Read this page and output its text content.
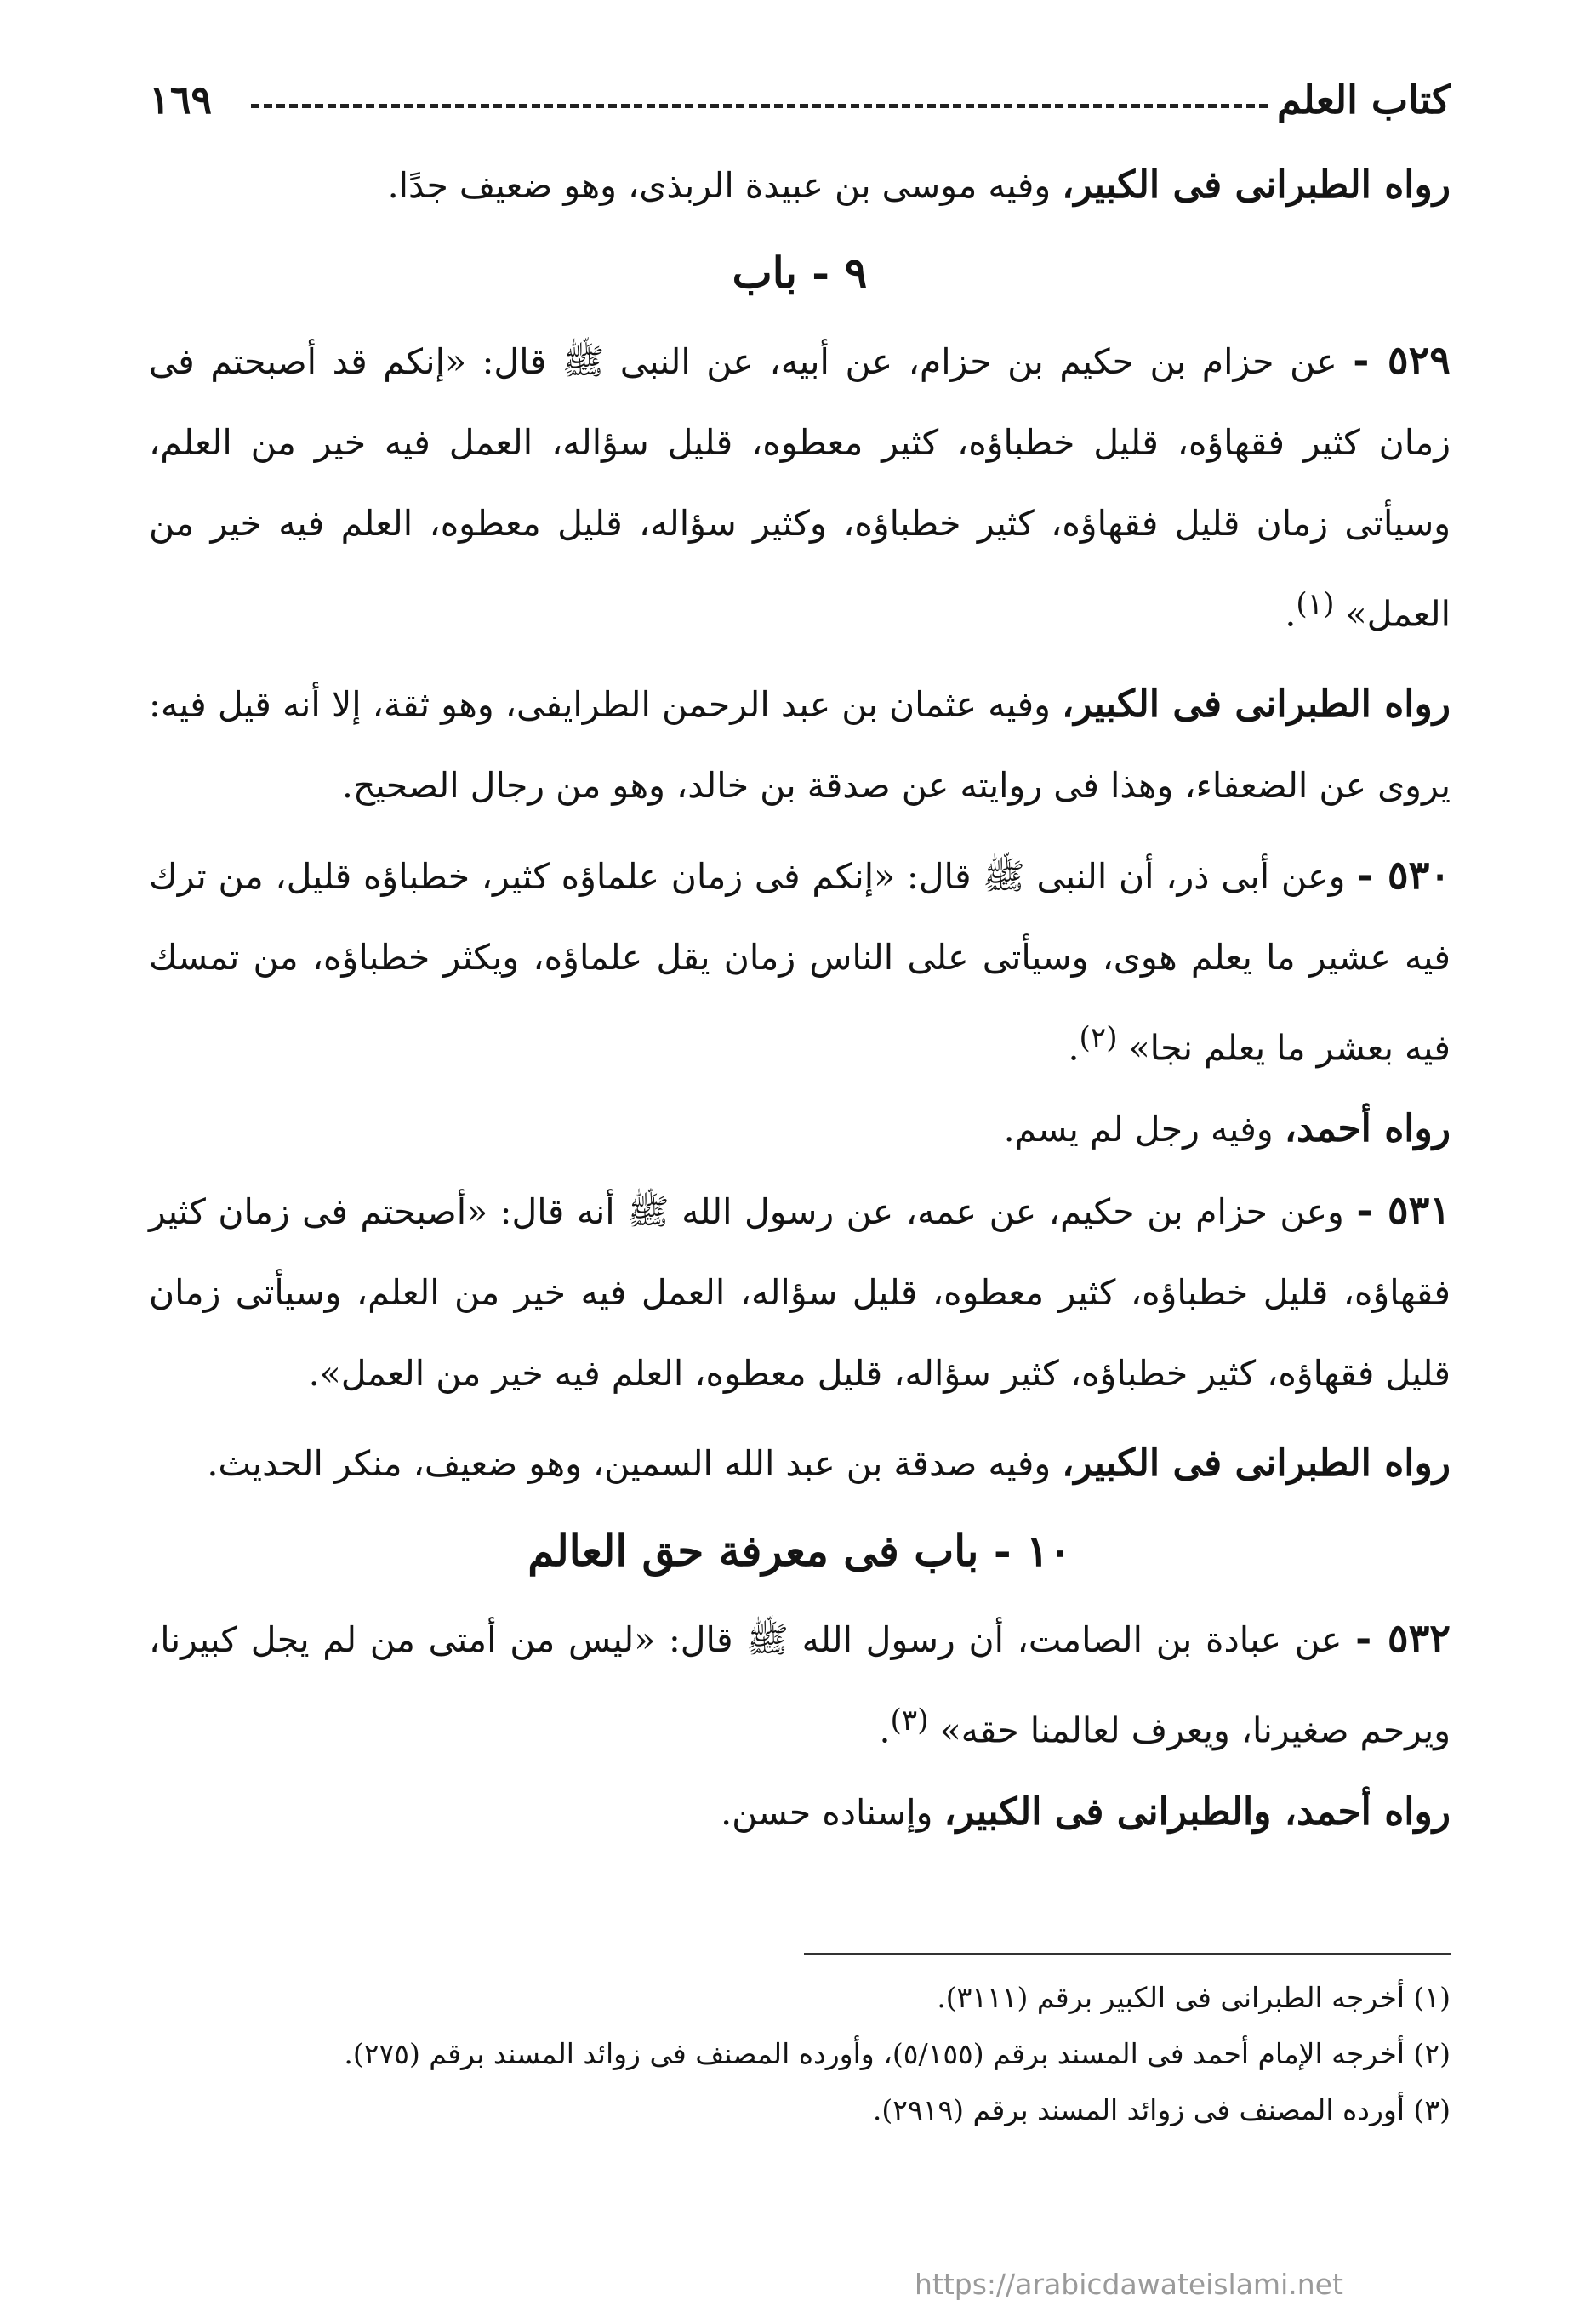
كتاب العلم
١٦٩

رواه الطبرانى فى الكبير، وفيه موسى بن عبيدة الربذى، وهو ضعيف جدًا.

٩ - باب

٥٢٩ - عن حزام بن حكيم بن حزام، عن أبيه، عن النبى ﷺ قال: «إنكم قد أصبحتم فى زمان كثير فقهاؤه، قليل خطباؤه، كثير معطوه، قليل سؤاله، العمل فيه خير من العلم، وسيأتى زمان قليل فقهاؤه، كثير خطباؤه، وكثير سؤاله، قليل معطوه، العلم فيه خير من العمل» $^{(١)}$.

رواه الطبرانى فى الكبير، وفيه عثمان بن عبد الرحمن الطرايفى، وهو ثقة، إلا أنه قيل فيه: يروى عن الضعفاء، وهذا فى روايته عن صدقة بن خالد، وهو من رجال الصحيح.

٥٣٠ - وعن أبى ذر، أن النبى ﷺ قال: «إنكم فى زمان علماؤه كثير، خطباؤه قليل، من ترك فيه عشير ما يعلم هوى، وسيأتى على الناس زمان يقل علماؤه، ويكثر خطباؤه، من تمسك فيه بعشر ما يعلم نجا» $^{(٢)}$.

رواه أحمد، وفيه رجل لم يسم.

٥٣١ - وعن حزام بن حكيم، عن عمه، عن رسول الله ﷺ أنه قال: «أصبحتم فى زمان كثير فقهاؤه، قليل خطباؤه، كثير معطوه، قليل سؤاله، العمل فيه خير من العلم، وسيأتى زمان قليل فقهاؤه، كثير خطباؤه، كثير سؤاله، قليل معطوه، العلم فيه خير من العمل».

رواه الطبرانى فى الكبير، وفيه صدقة بن عبد الله السمين، وهو ضعيف، منكر الحديث.

١٠ - باب فى معرفة حق العالم

٥٣٢ - عن عبادة بن الصامت، أن رسول الله ﷺ قال: «ليس من أمتى من لم يجل كبيرنا، ويرحم صغيرنا، ويعرف لعالمنا حقه» $^{(٣)}$.

رواه أحمد، والطبرانى فى الكبير، وإسناده حسن.

(١) أخرجه الطبرانى فى الكبير برقم (٣١١١).
(٢) أخرجه الإمام أحمد فى المسند برقم (٥/١٥٥)، وأورده المصنف فى زوائد المسند برقم (٢٧٥).
(٣) أورده المصنف فى زوائد المسند برقم (٢٩١٩).
https://arabicdawateislami.net
